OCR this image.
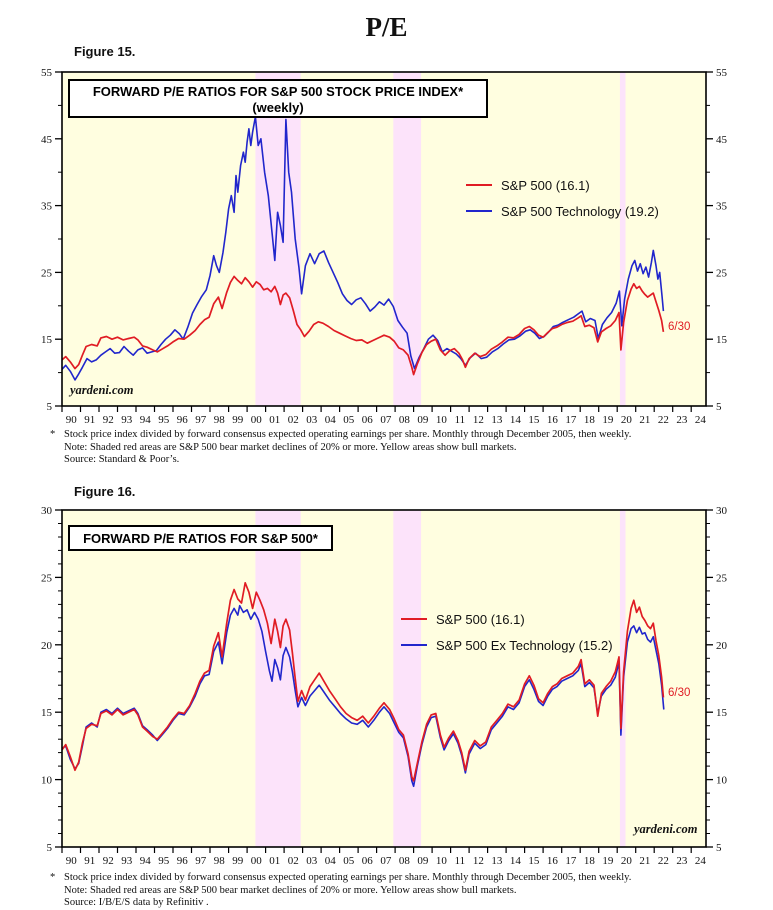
P/E
Figure 15.
Figure 16.
5	5
15	15
25	25
35	35
45	45
55	55
90 91 92 93 94 95 96 97 98 99 00 01 02 03 04 05 06 07 08 09 10 11 12 13 14 15 16 17 18 19 20 21 22 23 24
5	5
10	10
15	15
20	20
25	25
30	30
90 91 92 93 94 95 96 97 98 99 00 01 02 03 04 05 06 07 08 09 10 11 12 13 14 15 16 17 18 19 20 21 22 23 24
FORWARD P/E RATIOS FOR S&P 500 STOCK PRICE INDEX*
(weekly)
FORWARD P/E RATIOS FOR S&P 500*
S&P 500 (16.1)
S&P 500 Technology (19.2)
S&P 500 (16.1)
S&P 500 Ex Technology (15.2)
yardeni.com
yardeni.com
6/30
6/30
* Stock price index divided by forward consensus expected operating earnings per share. Monthly through December 2005, then weekly.
Note: Shaded red areas are S&P 500 bear market declines of 20% or more. Yellow areas show bull markets.
Source: Standard & Poor’s.
* Stock price index divided by forward consensus expected operating earnings per share. Monthly through December 2005, then weekly.
Note: Shaded red areas are S&P 500 bear market declines of 20% or more. Yellow areas show bull markets.
Source: I/B/E/S data by Refinitiv .
